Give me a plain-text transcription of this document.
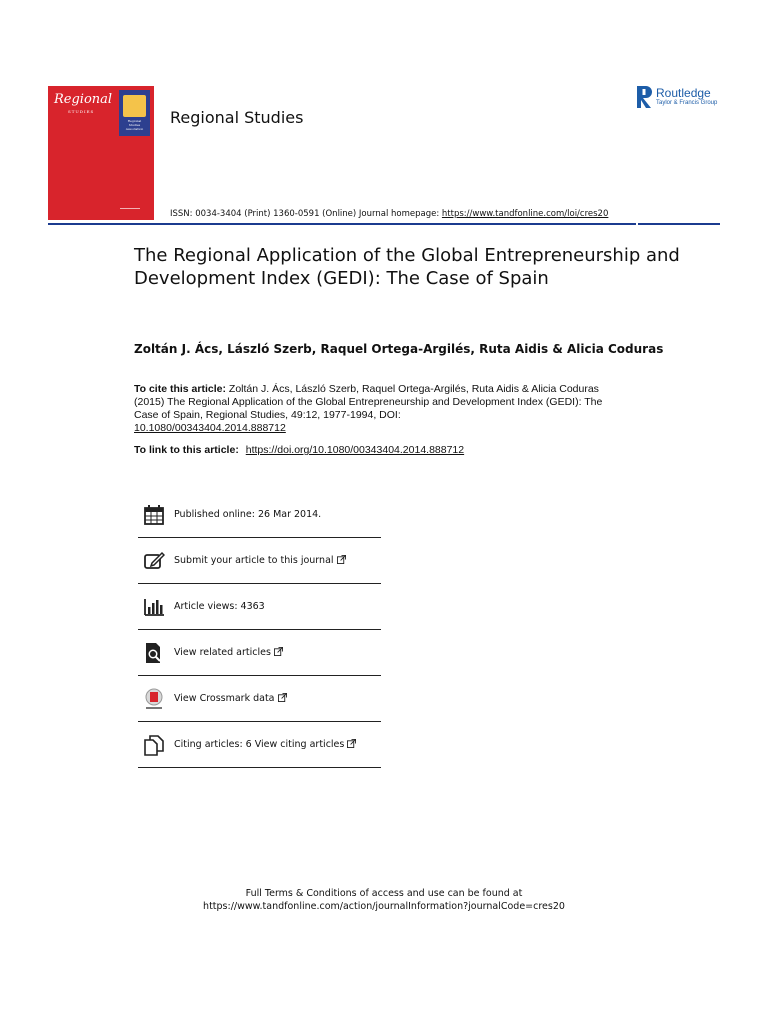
Regional
STUDIES
Regional Studies Association
Regional Studies
ISSN: 0034-3404 (Print) 1360-0591 (Online) Journal homepage: https://www.tandfonline.com/loi/cres20
Routledge
Taylor & Francis Group
The Regional Application of the Global Entrepreneurship and Development Index (GEDI): The Case of Spain
Zoltán J. Ács, László Szerb, Raquel Ortega-Argilés, Ruta Aidis & Alicia Coduras
To cite this article: Zoltán J. Ács, László Szerb, Raquel Ortega-Argilés, Ruta Aidis & Alicia Coduras (2015) The Regional Application of the Global Entrepreneurship and Development Index (GEDI): The Case of Spain, Regional Studies, 49:12, 1977-1994, DOI:
10.1080/00343404.2014.888712
To link to this article: https://doi.org/10.1080/00343404.2014.888712
Published online: 26 Mar 2014.
Submit your article to this journal
Article views: 4363
View related articles
View Crossmark data
Citing articles: 6 View citing articles
Full Terms & Conditions of access and use can be found at
https://www.tandfonline.com/action/journalInformation?journalCode=cres20
